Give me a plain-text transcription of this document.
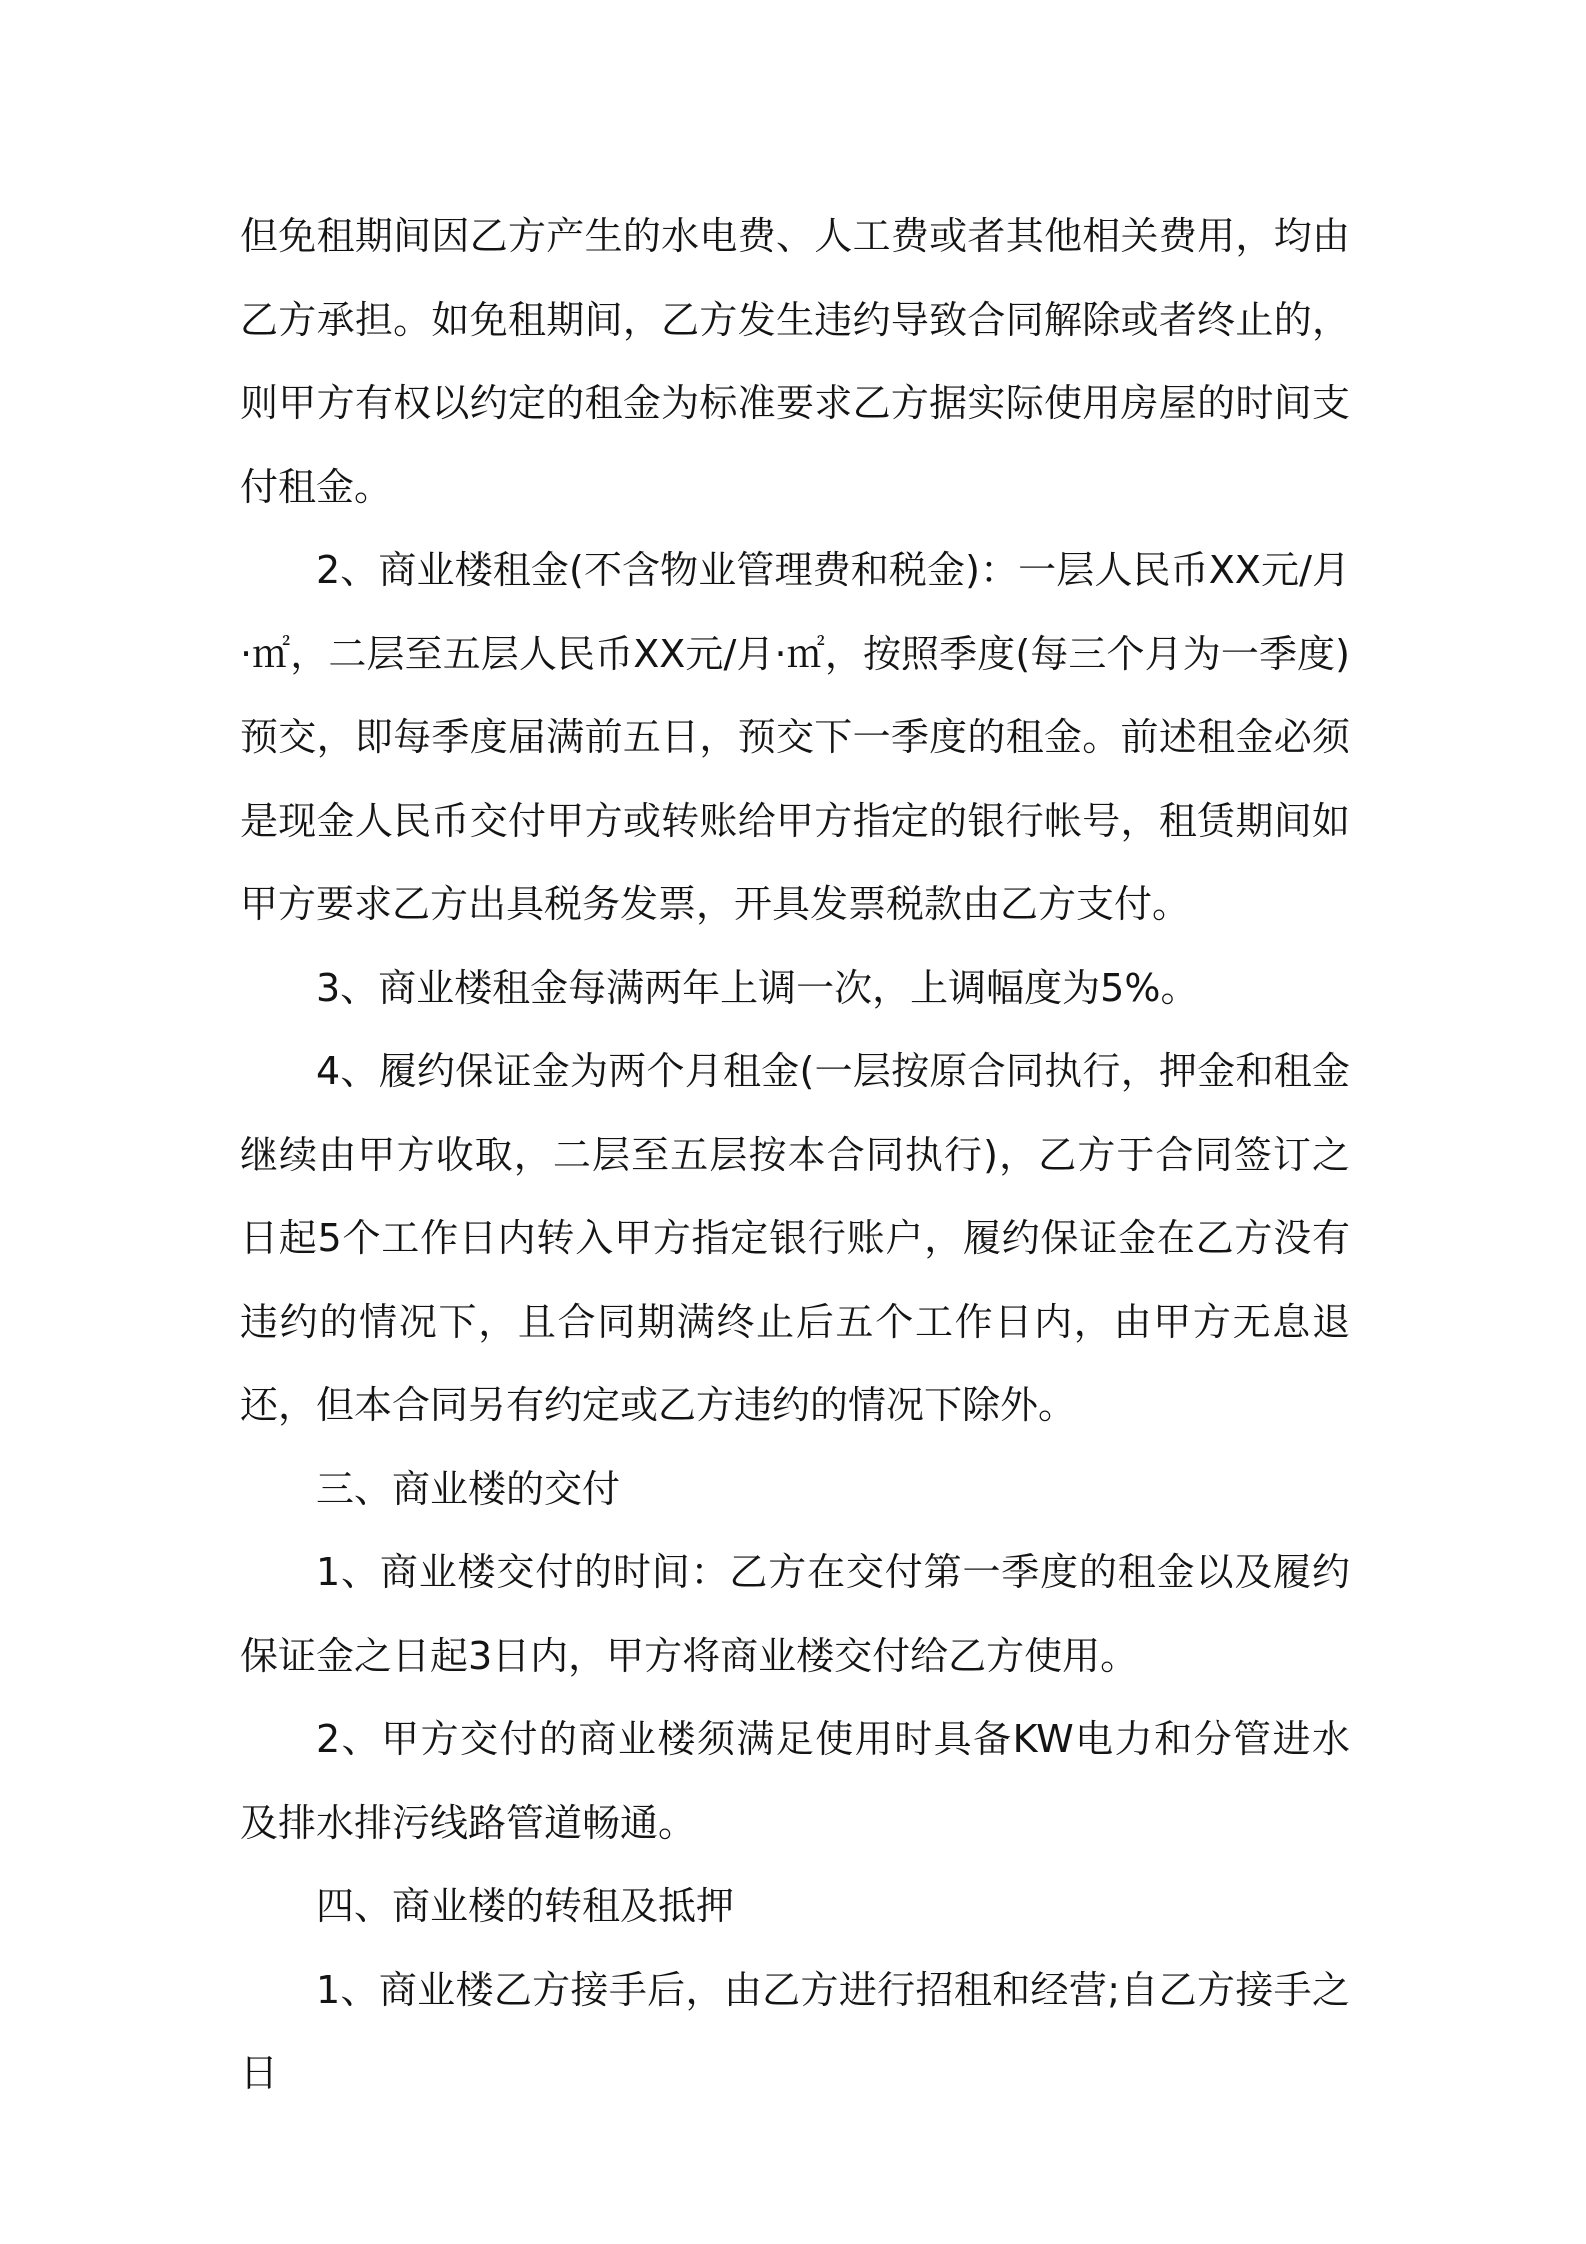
但免租期间因乙方产生的水电费、人工费或者其他相关费用，均由乙方承担。如免租期间，乙方发生违约导致合同解除或者终止的，则甲方有权以约定的租金为标准要求乙方据实际使用房屋的时间支付租金。

2、商业楼租金(不含物业管理费和税金)：一层人民币XX元/月·㎡，二层至五层人民币XX元/月·㎡，按照季度(每三个月为一季度)预交，即每季度届满前五日，预交下一季度的租金。前述租金必须是现金人民币交付甲方或转账给甲方指定的银行帐号，租赁期间如甲方要求乙方出具税务发票，开具发票税款由乙方支付。

3、商业楼租金每满两年上调一次，上调幅度为5%。

4、履约保证金为两个月租金(一层按原合同执行，押金和租金继续由甲方收取，二层至五层按本合同执行)，乙方于合同签订之日起5个工作日内转入甲方指定银行账户，履约保证金在乙方没有违约的情况下，且合同期满终止后五个工作日内，由甲方无息退还，但本合同另有约定或乙方违约的情况下除外。

三、商业楼的交付

1、商业楼交付的时间：乙方在交付第一季度的租金以及履约保证金之日起3日内，甲方将商业楼交付给乙方使用。

2、甲方交付的商业楼须满足使用时具备KW电力和分管进水及排水排污线路管道畅通。

四、商业楼的转租及抵押

1、商业楼乙方接手后，由乙方进行招租和经营;自乙方接手之日
